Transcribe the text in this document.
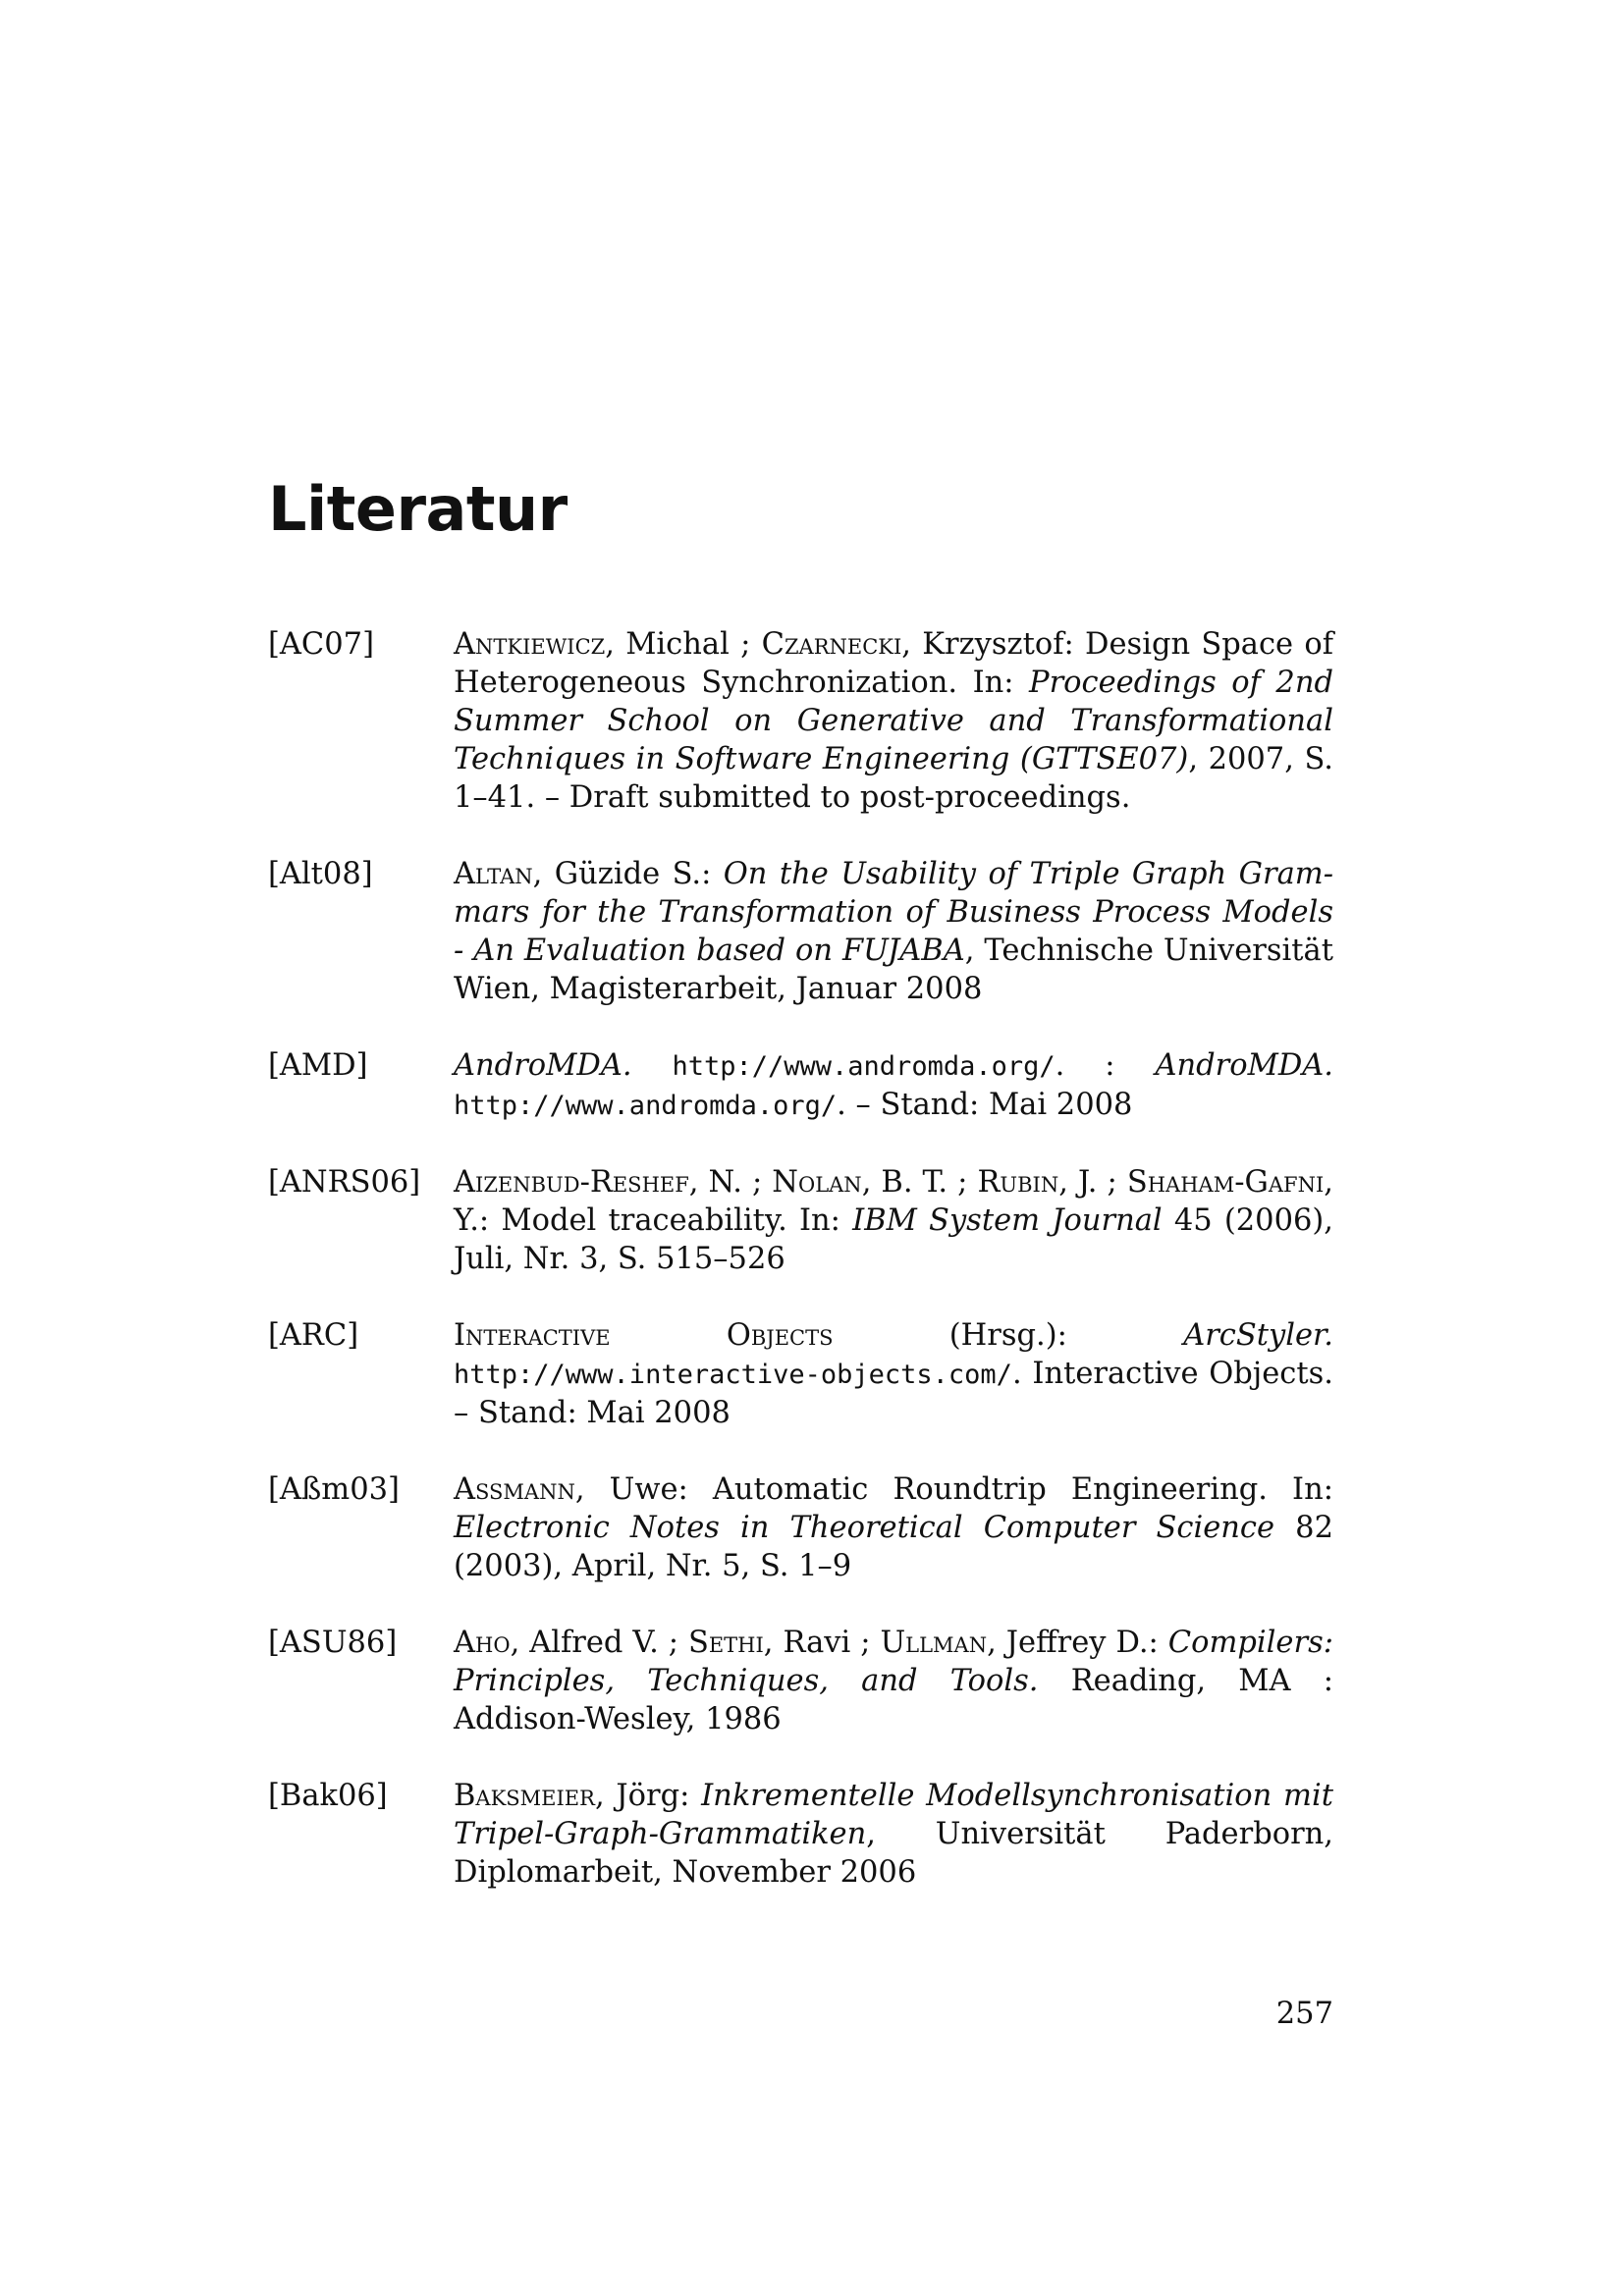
Literatur
[AC07]	Antkiewicz, Michal ; Czarnecki, Krzysztof: Design Space of Heterogeneous Synchronization. In: Proceedings of 2nd Summer School on Generative and Transformational Techniques in Software Engineering (GTTSE07), 2007, S. 1–41. – Draft submitted to post-proceedings.
[Alt08]	Altan, Güzide S.: On the Usability of Triple Graph Grammars for the Transformation of Business Process Models - An Evaluation based on FUJABA, Technische Universität Wien, Magisterarbeit, Januar 2008
[AMD]	AndroMDA. http://www.andromda.org/. : AndroMDA. http://www.andromda.org/. – Stand: Mai 2008
[ANRS06]	Aizenbud-Reshef, N. ; Nolan, B. T. ; Rubin, J. ; Shaham-Gafni, Y.: Model traceability. In: IBM System Journal 45 (2006), Juli, Nr. 3, S. 515–526
[ARC]	Interactive Objects (Hrsg.): ArcStyler. http://www.interactive-objects.com/. Interactive Objects. – Stand: Mai 2008
[Aßm03]	Assmann, Uwe: Automatic Roundtrip Engineering. In: Electronic Notes in Theoretical Computer Science 82 (2003), April, Nr. 5, S. 1–9
[ASU86]	Aho, Alfred V. ; Sethi, Ravi ; Ullman, Jeffrey D.: Compilers: Principles, Techniques, and Tools. Reading, MA : Addison-Wesley, 1986
[Bak06]	Baksmeier, Jörg: Inkrementelle Modellsynchronisation mit Tripel-Graph-Grammatiken, Universität Paderborn, Diplomarbeit, November 2006
257
